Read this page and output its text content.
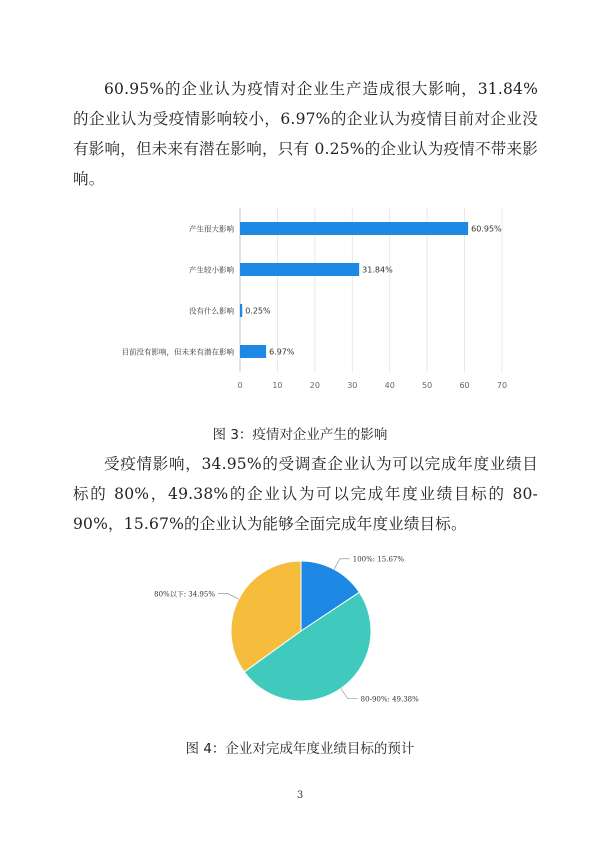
60.95%的企业认为疫情对企业生产造成很大影响，31.84%的企业认为受疫情影响较小，6.97%的企业认为疫情目前对企业没有影响，但未来有潜在影响，只有 0.25%的企业认为疫情不带来影响。

0	10	20	30	40	50	60	70
产生很大影响	60.95%
产生较小影响	31.84%
没有什么影响 0.25%
目前没有影响，但未来有潜在影响	6.97%
图 3：疫情对企业产生的影响

受疫情影响，34.95%的受调查企业认为可以完成年度业绩目标的 80%，49.38%的企业认为可以完成年度业绩目标的 80-90%，15.67%的企业认为能够全面完成年度业绩目标。

100%: 15.67%
80-90%: 49.38%
80%以下: 34.95%
图 4：企业对完成年度业绩目标的预计
3
